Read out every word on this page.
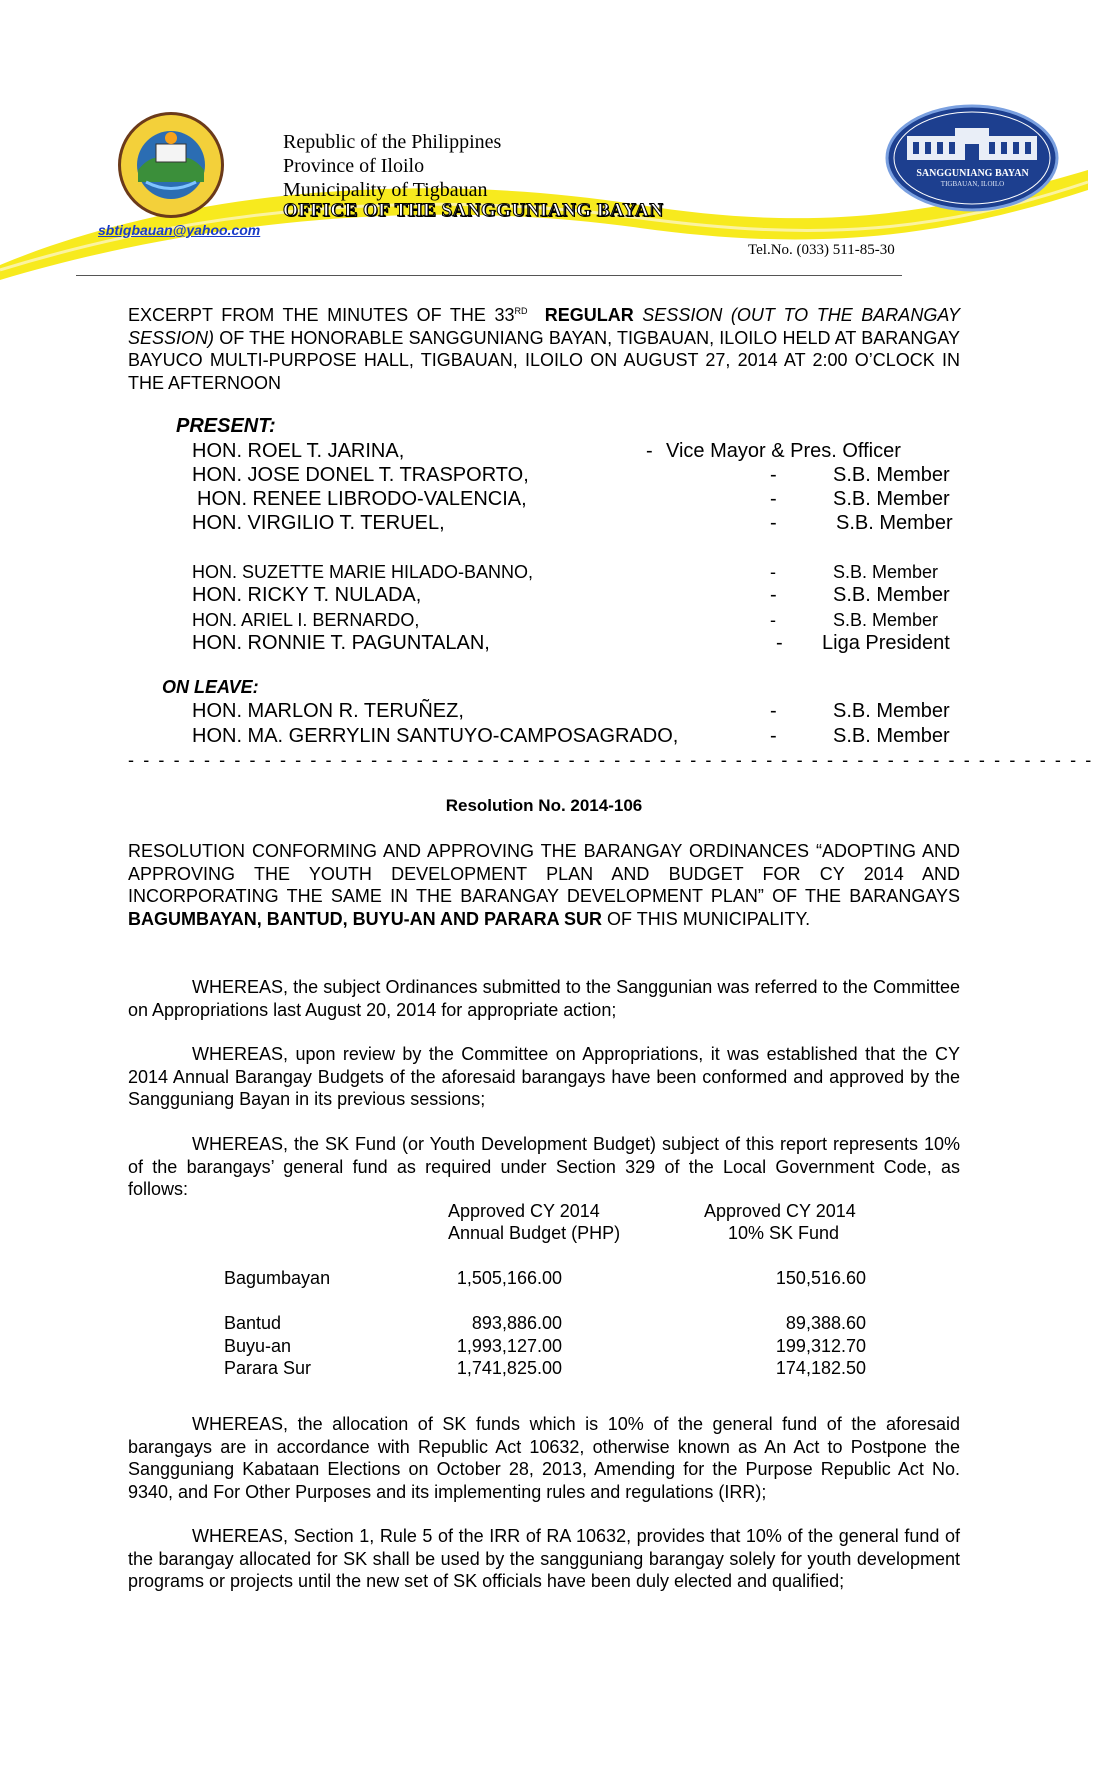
Republic of the Philippines
Province of Iloilo
Municipality of Tigbauan
OFFICE OF THE SANGGUNIANG BAYAN
SANGGUNIANG BAYAN
TIGBAUAN, ILOILO
sbtigbauan@yahoo.com
Tel.No. (033) 511-85-30
EXCERPT FROM THE MINUTES OF THE 33RD REGULAR SESSION (OUT TO THE BARANGAY SESSION) OF THE HONORABLE SANGGUNIANG BAYAN, TIGBAUAN, ILOILO HELD AT BARANGAY BAYUCO MULTI-PURPOSE HALL, TIGBAUAN, ILOILO ON AUGUST 27, 2014 AT 2:00 O’CLOCK IN THE AFTERNOON
PRESENT:
HON. ROEL T. JARINA,	- Vice Mayor & Pres. Officer
HON. JOSE DONEL T. TRASPORTO,	-	S.B. Member
HON. RENEE LIBRODO-VALENCIA,	-	S.B. Member
HON. VIRGILIO T. TERUEL,	-	S.B. Member
HON. SUZETTE MARIE HILADO-BANNO,	-	S.B. Member
HON. RICKY T. NULADA,	-	S.B. Member
HON. ARIEL I. BERNARDO,	-	S.B. Member
HON. RONNIE T. PAGUNTALAN,	- Liga President
ON LEAVE:
HON. MARLON R. TERUÑEZ,	-	S.B. Member
HON. MA. GERRYLIN SANTUYO-CAMPOSAGRADO,	-	S.B. Member
- - - - - - - - - - - - - - - - - - - - - - - - - - - - - - - - - - - - - - - - - - - - - - - - - - - - - - - - - - - - - - - -
Resolution No. 2014-106
RESOLUTION CONFORMING AND APPROVING THE BARANGAY ORDINANCES “ADOPTING AND APPROVING THE YOUTH DEVELOPMENT PLAN AND BUDGET FOR CY 2014 AND INCORPORATING THE SAME IN THE BARANGAY DEVELOPMENT PLAN” OF THE BARANGAYS BAGUMBAYAN, BANTUD, BUYU-AN AND PARARA SUR OF THIS MUNICIPALITY.
WHEREAS, the subject Ordinances submitted to the Sanggunian was referred to the Committee on Appropriations last August 20, 2014 for appropriate action;
WHEREAS, upon review by the Committee on Appropriations, it was established that the CY 2014 Annual Barangay Budgets of the aforesaid barangays have been conformed and approved by the Sangguniang Bayan in its previous sessions;
WHEREAS, the SK Fund (or Youth Development Budget) subject of this report represents 10% of the barangays’ general fund as required under Section 329 of the Local Government Code, as follows:
Approved CY 2014
Annual Budget (PHP)
Approved CY 2014
10% SK Fund
Bagumbayan	1,505,166.00	150,516.60
Bantud	893,886.00	89,388.60
Buyu-an	1,993,127.00	199,312.70
Parara Sur	1,741,825.00	174,182.50
WHEREAS, the allocation of SK funds which is 10% of the general fund of the aforesaid barangays are in accordance with Republic Act 10632, otherwise known as An Act to Postpone the Sangguniang Kabataan Elections on October 28, 2013, Amending for the Purpose Republic Act No. 9340, and For Other Purposes and its implementing rules and regulations (IRR);
WHEREAS, Section 1, Rule 5 of the IRR of RA 10632, provides that 10% of the general fund of the barangay allocated for SK shall be used by the sangguniang barangay solely for youth development programs or projects until the new set of SK officials have been duly elected and qualified;
